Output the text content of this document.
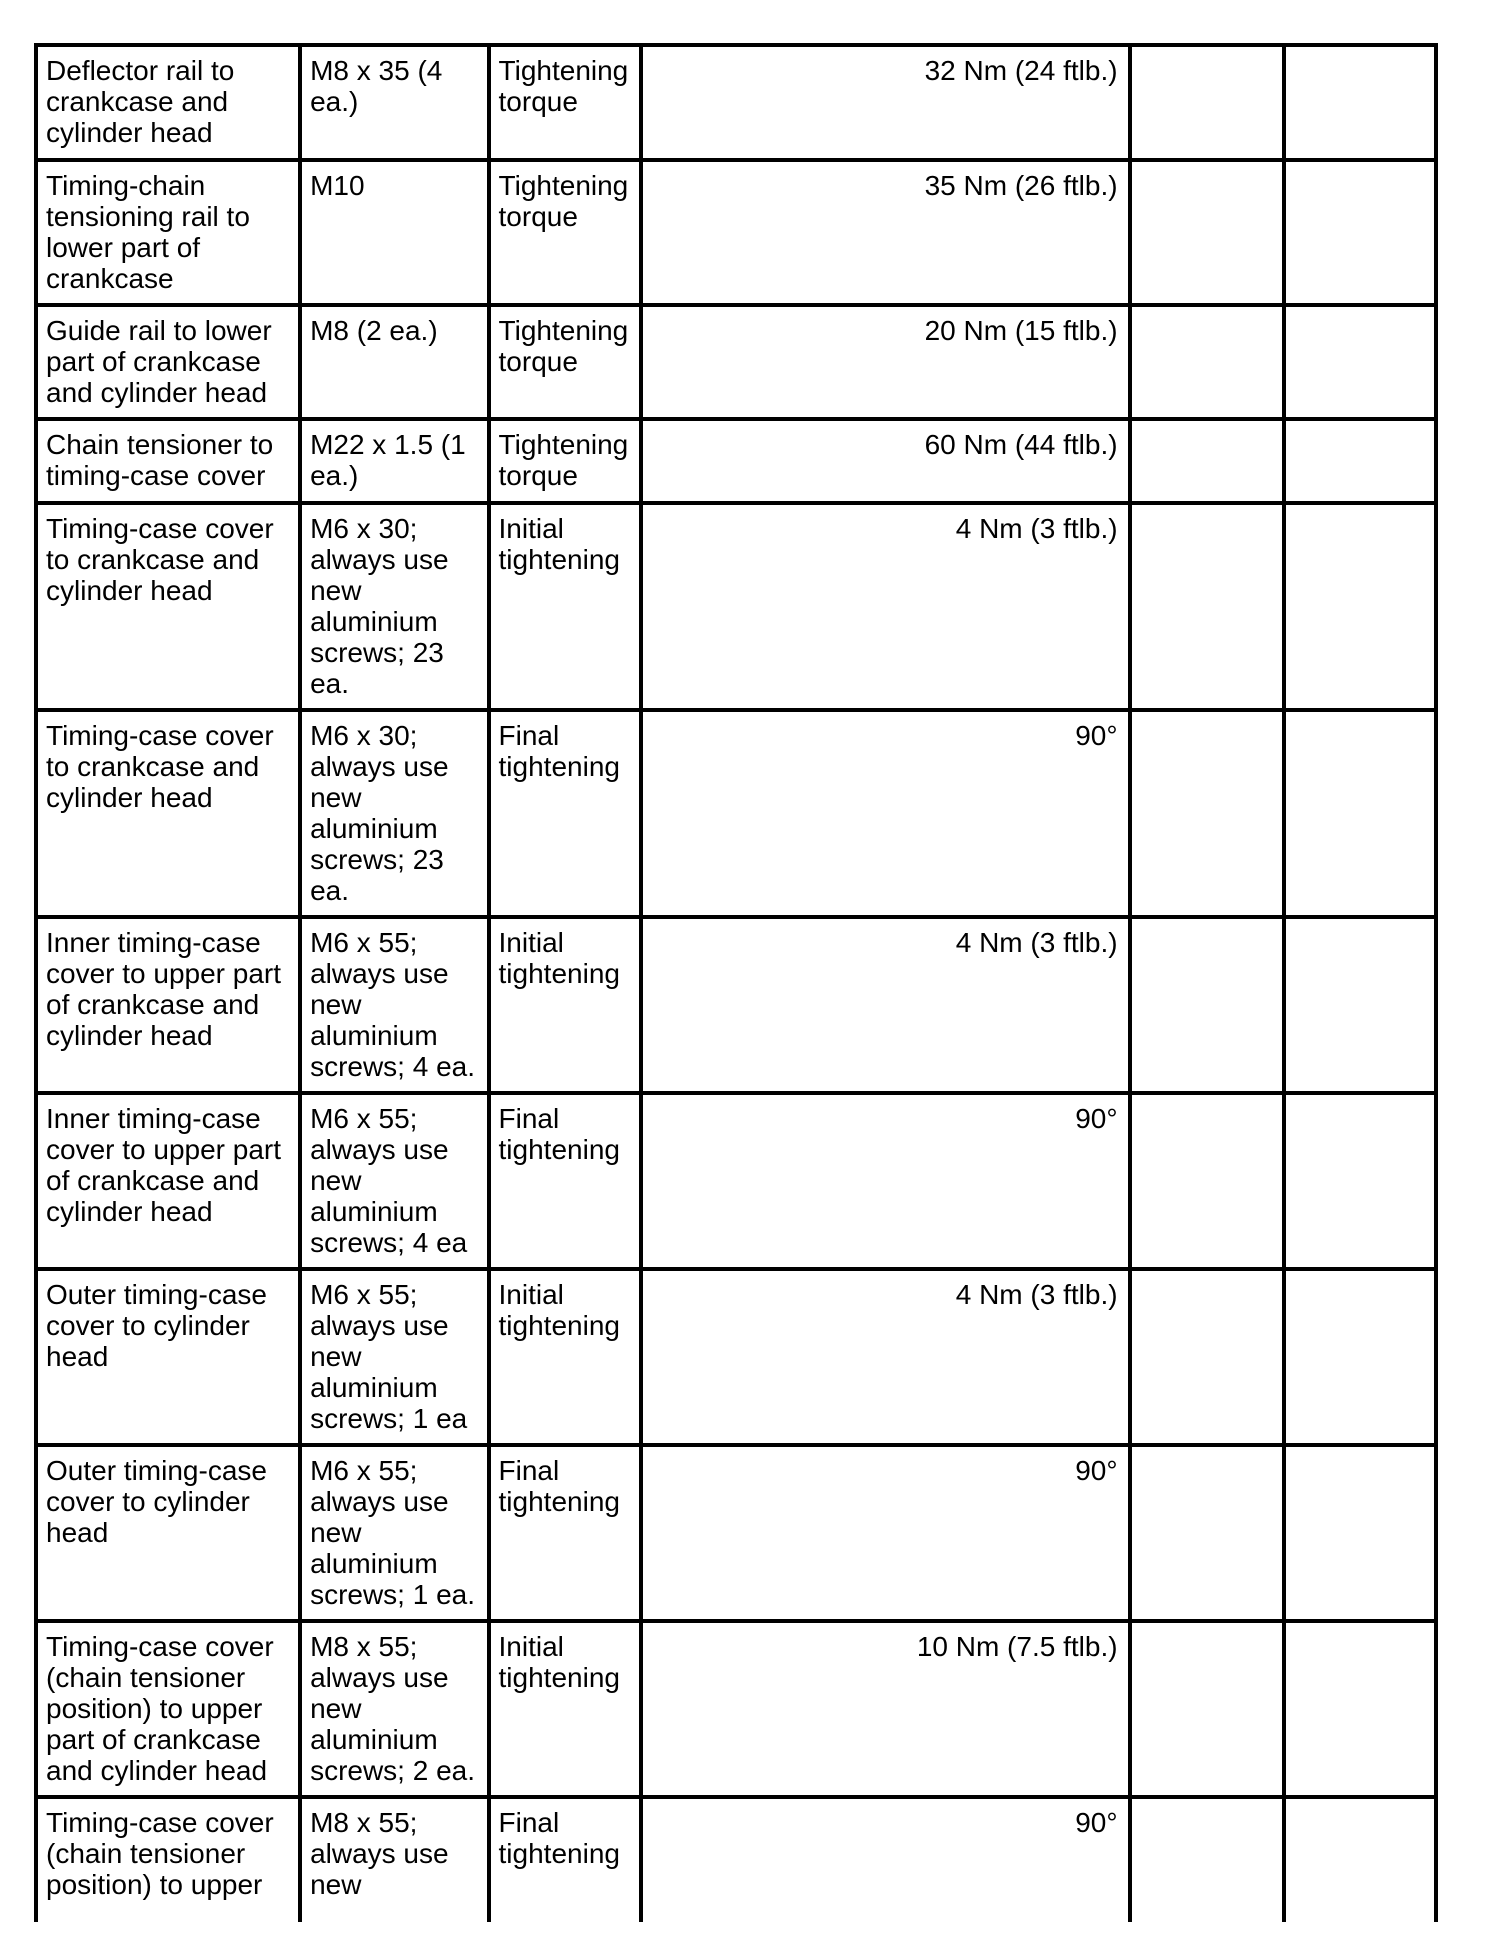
Deflector rail to crankcase and cylinder head	M8 x 35 (4 ea.)	Tightening torque	32 Nm (24 ftlb.)		
Timing-chain tensioning rail to lower part of crankcase	M10	Tightening torque	35 Nm (26 ftlb.)		
Guide rail to lower part of crankcase and cylinder head	M8 (2 ea.)	Tightening torque	20 Nm (15 ftlb.)		
Chain tensioner to timing-case cover	M22 x 1.5 (1 ea.)	Tightening torque	60 Nm (44 ftlb.)		
Timing-case cover to crankcase and cylinder head	M6 x 30; always use new aluminium screws; 23 ea.	Initial tightening	4 Nm (3 ftlb.)		
Timing-case cover to crankcase and cylinder head	M6 x 30; always use new aluminium screws; 23 ea.	Final tightening	90°		
Inner timing-case cover to upper part of crankcase and cylinder head	M6 x 55; always use new aluminium screws; 4 ea.	Initial tightening	4 Nm (3 ftlb.)		
Inner timing-case cover to upper part of crankcase and cylinder head	M6 x 55; always use new aluminium screws; 4 ea	Final tightening	90°		
Outer timing-case cover to cylinder head	M6 x 55; always use new aluminium screws; 1 ea	Initial tightening	4 Nm (3 ftlb.)		
Outer timing-case cover to cylinder head	M6 x 55; always use new aluminium screws; 1 ea.	Final tightening	90°		
Timing-case cover (chain tensioner position) to upper part of crankcase and cylinder head	M8 x 55; always use new aluminium screws; 2 ea.	Initial tightening	10 Nm (7.5 ftlb.)		
Timing-case cover (chain tensioner position) to upper	M8 x 55; always use new	Final tightening	90°		
